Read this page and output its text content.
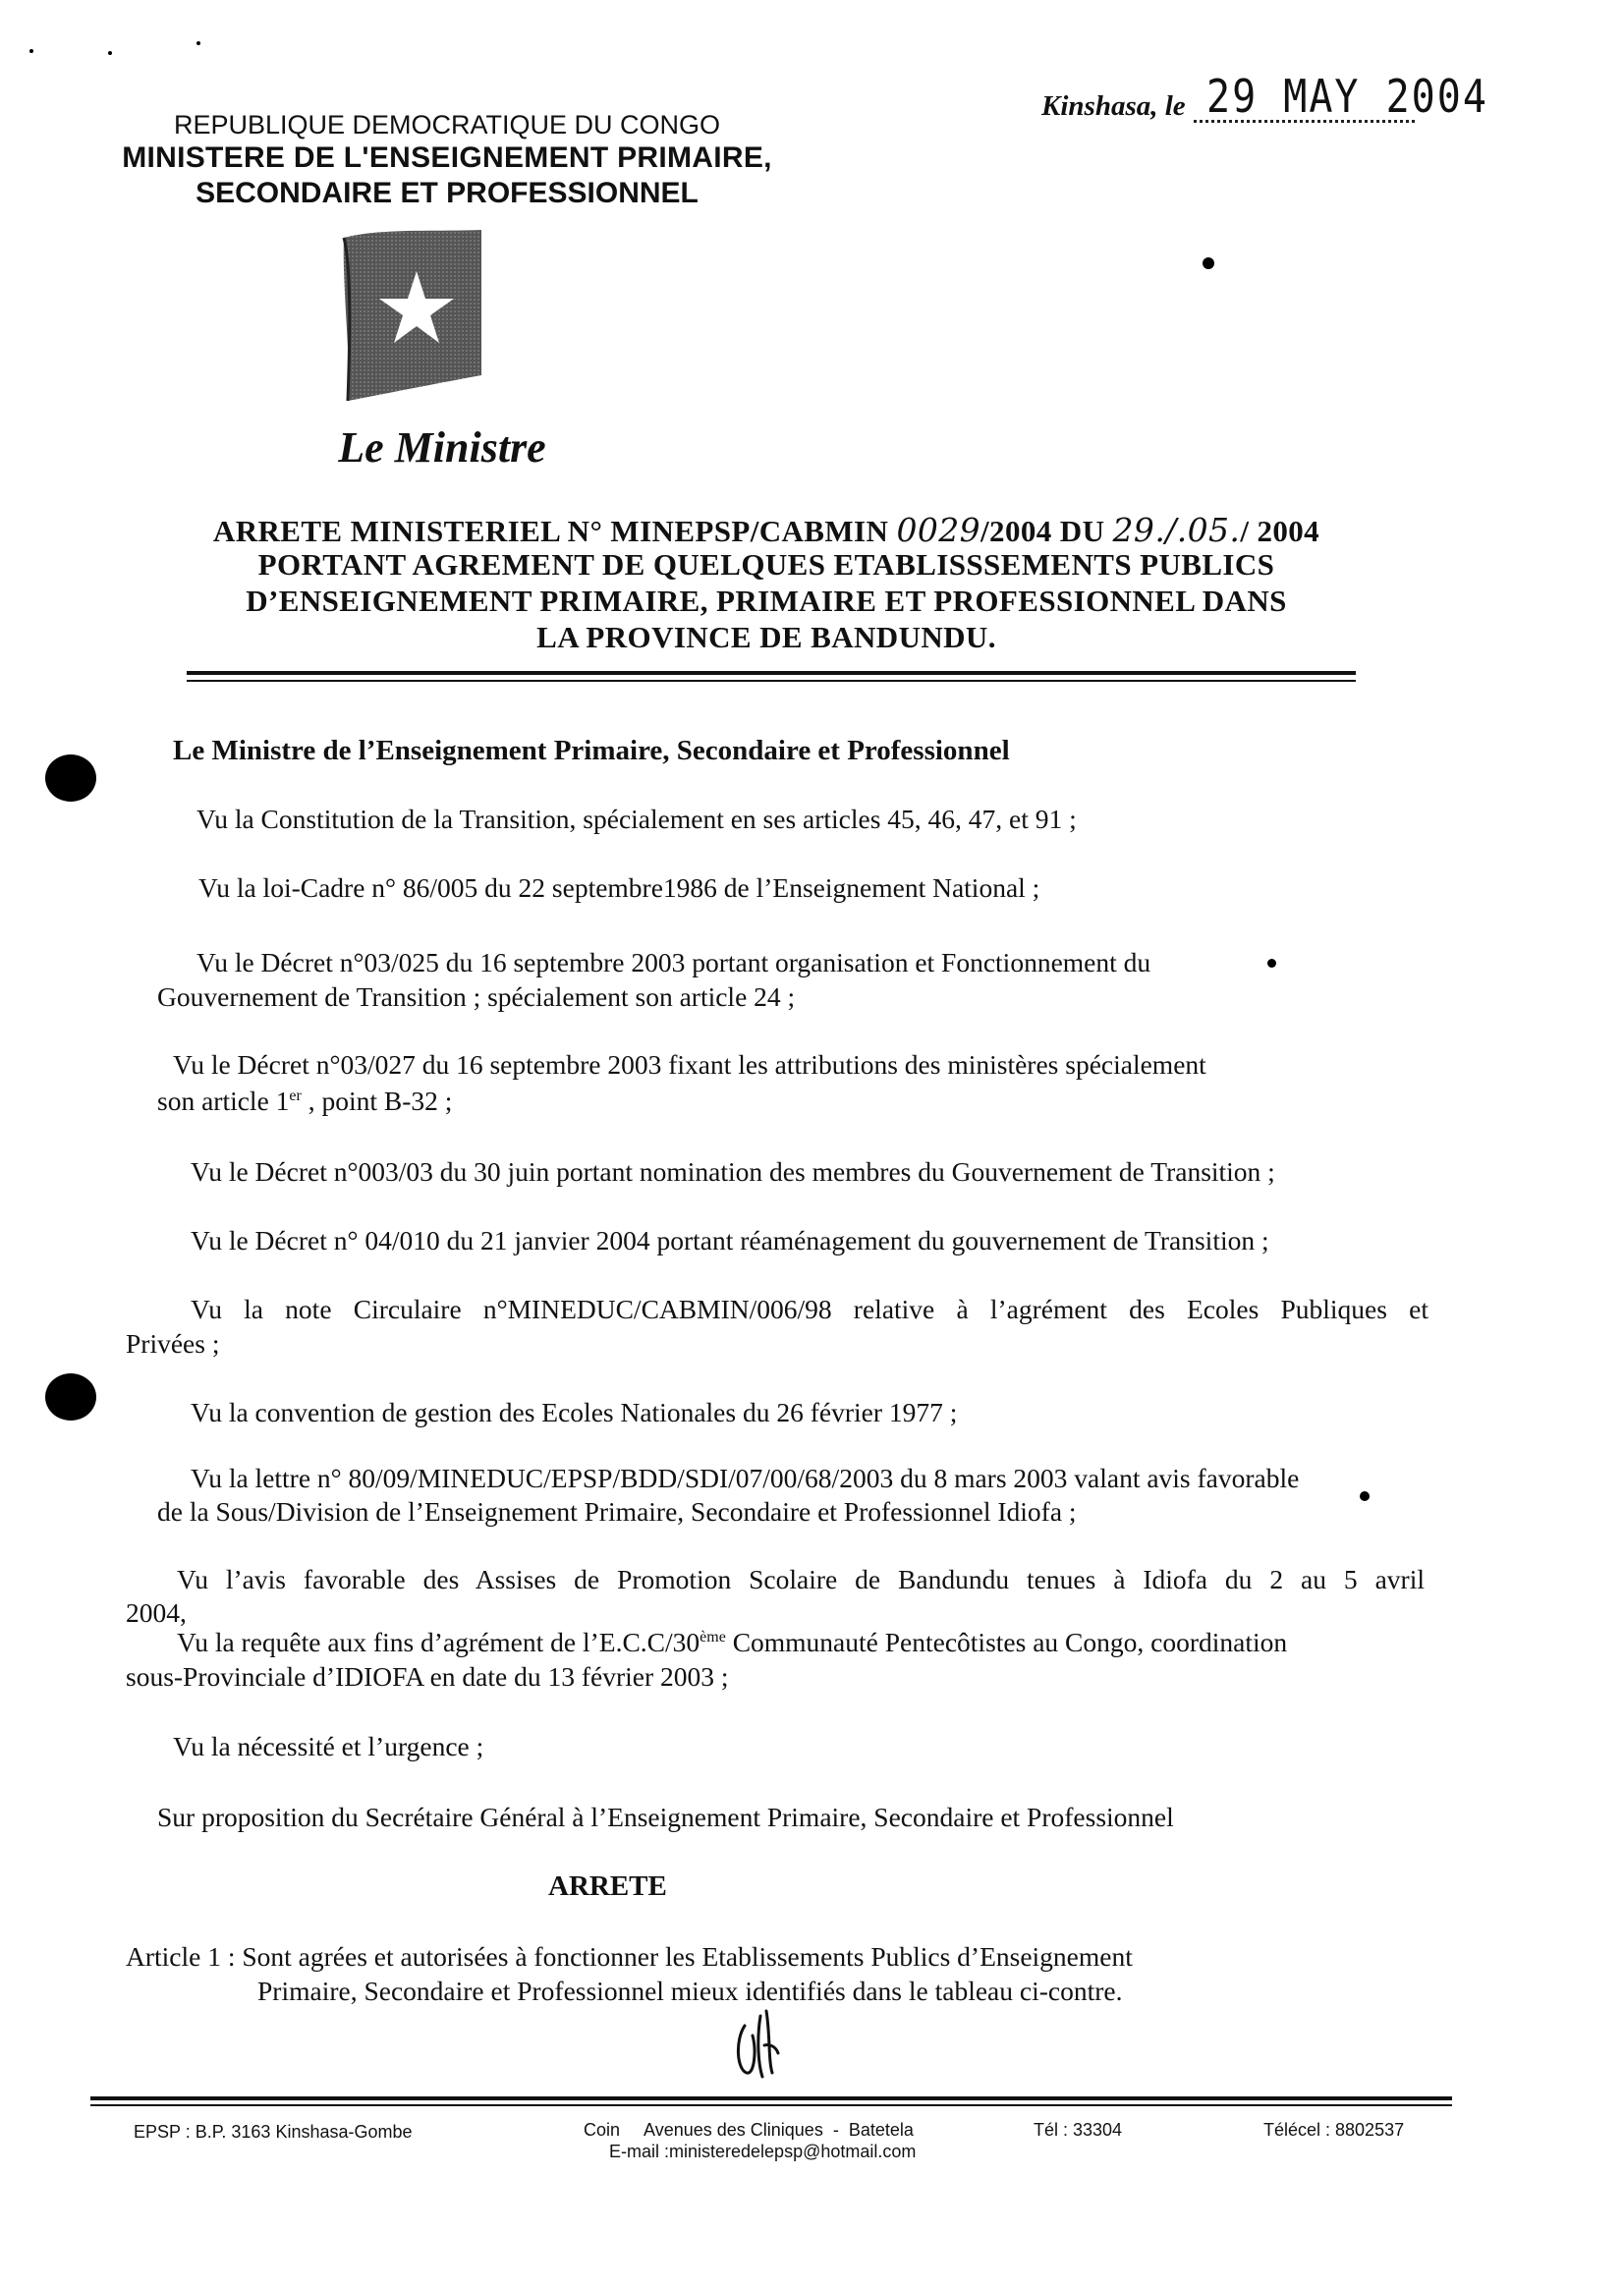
REPUBLIQUE DEMOCRATIQUE DU CONGO
MINISTERE DE L'ENSEIGNEMENT PRIMAIRE,
SECONDAIRE ET PROFESSIONNEL
Kinshasa, le 29 MAY 2004
Le Ministre
ARRETE MINISTERIEL N° MINEPSP/CABMIN 0029/2004 DU 29./.05./ 2004
PORTANT AGREMENT DE QUELQUES ETABLISSSEMENTS PUBLICS
D’ENSEIGNEMENT PRIMAIRE, PRIMAIRE ET PROFESSIONNEL DANS
LA PROVINCE DE BANDUNDU.
Le Ministre de l’Enseignement Primaire, Secondaire et Professionnel
Vu la Constitution de la Transition, spécialement en ses articles 45, 46, 47, et 91 ;
Vu la loi-Cadre n° 86/005 du 22 septembre1986 de l’Enseignement National ;
Vu le Décret n°03/025 du 16 septembre 2003 portant organisation et Fonctionnement du
Gouvernement de Transition ; spécialement son article 24 ;
Vu le Décret n°03/027 du 16 septembre 2003 fixant les attributions des ministères spécialement
son article 1er , point B-32 ;
Vu le Décret n°003/03 du 30 juin portant nomination des membres du Gouvernement de Transition ;
Vu le Décret n° 04/010 du 21 janvier 2004 portant réaménagement du gouvernement de Transition ;
Vu la note Circulaire n°MINEDUC/CABMIN/006/98 relative à l’agrément des Ecoles Publiques et
Privées ;
Vu la convention de gestion des Ecoles Nationales du 26 février 1977 ;
Vu la lettre n° 80/09/MINEDUC/EPSP/BDD/SDI/07/00/68/2003 du 8 mars 2003 valant avis favorable
de la Sous/Division de l’Enseignement Primaire, Secondaire et Professionnel Idiofa ;
Vu l’avis favorable des Assises de Promotion Scolaire de Bandundu tenues à Idiofa du 2 au 5 avril
2004,
Vu la requête aux fins d’agrément de l’E.C.C/30ème Communauté Pentecôtistes au Congo, coordination
sous-Provinciale d’IDIOFA en date du 13 février 2003 ;
Vu la nécessité et l’urgence ;
Sur proposition du Secrétaire Général à l’Enseignement Primaire, Secondaire et Professionnel
ARRETE
Article 1 : Sont agrées et autorisées à fonctionner les Etablissements Publics d’Enseignement
Primaire, Secondaire et Professionnel mieux identifiés dans le tableau ci-contre.
EPSP : B.P. 3163 Kinshasa-Gombe	Coin     Avenues des Cliniques  -  Batetela
E-mail :ministeredelepsp@hotmail.com
Tél : 33304	Télécel : 8802537
